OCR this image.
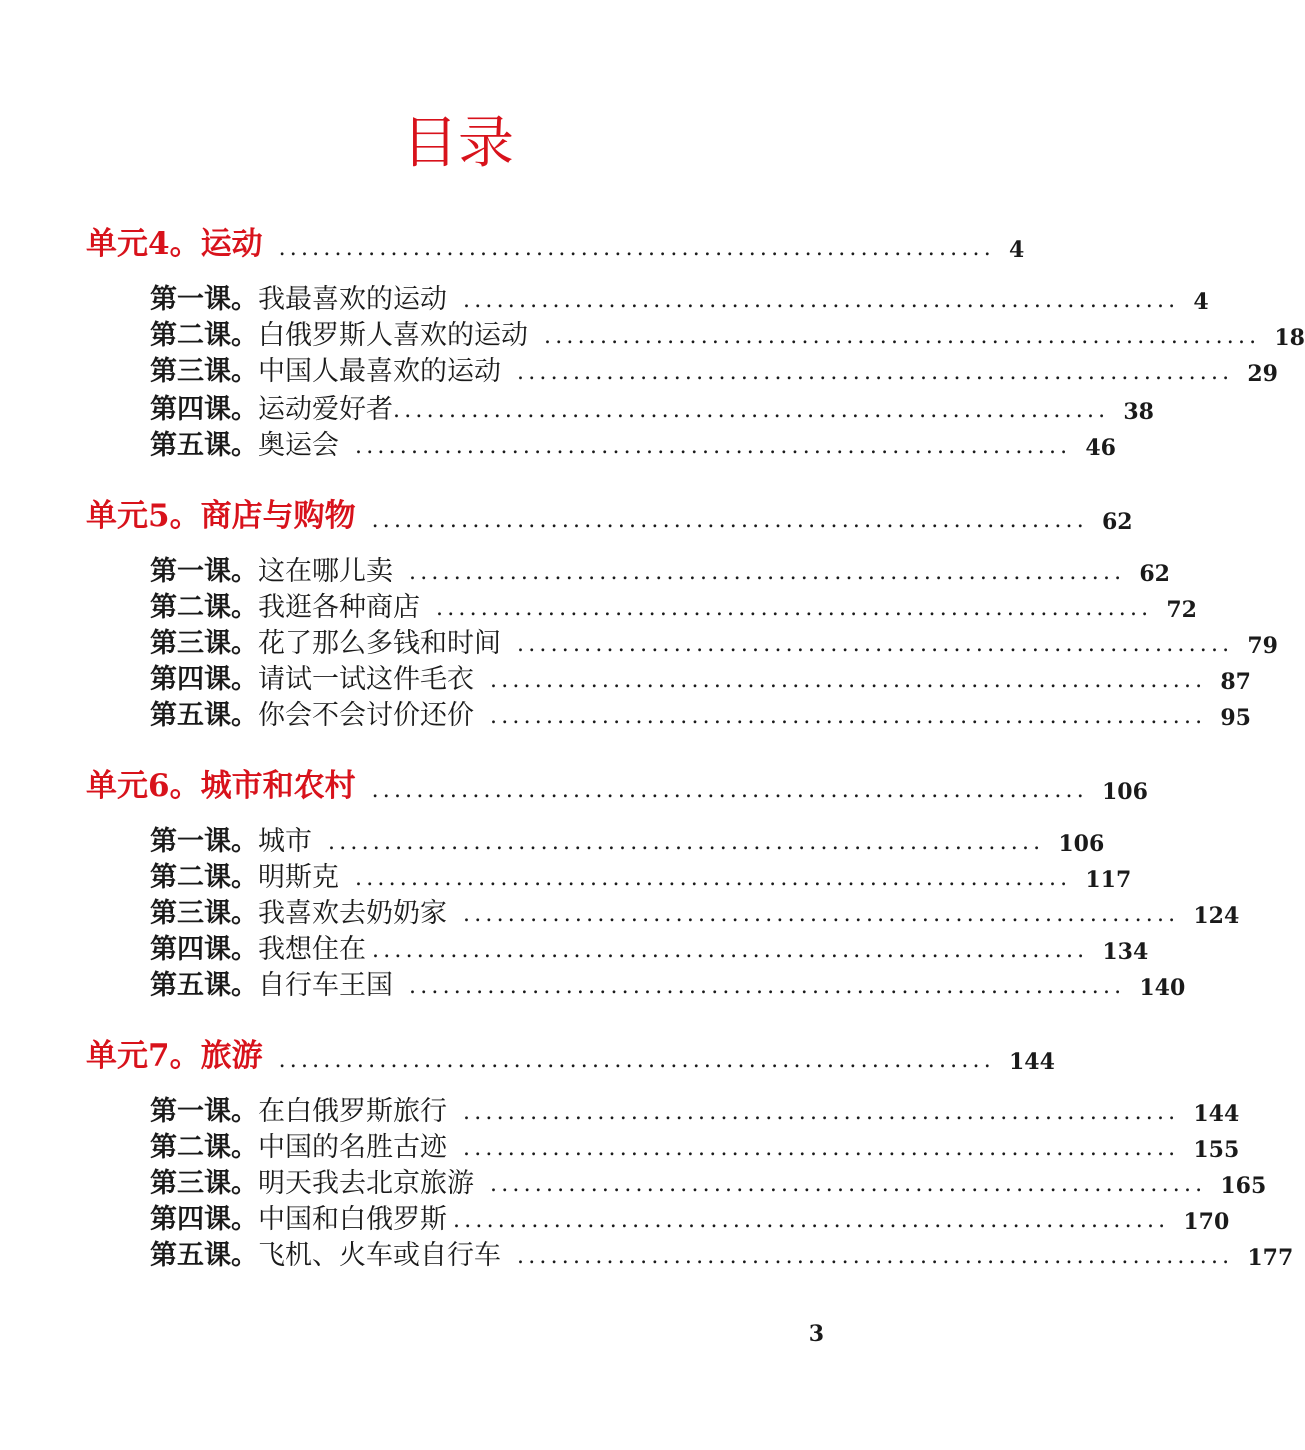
目录
单元4。运动 ................................................................ 4
第一课。 我最喜欢的运动 ................................................................ 4
第二课。 白俄罗斯人喜欢的运动 ................................................................ 18
第三课。 中国人最喜欢的运动 ................................................................ 29
第四课。 运动爱好者 ................................................................ 38
第五课。 奥运会 ................................................................ 46
单元5。商店与购物 ................................................................ 62
第一课。 这在哪儿卖 ................................................................ 62
第二课。 我逛各种商店 ................................................................ 72
第三课。 花了那么多钱和时间 ................................................................ 79
第四课。 请试一试这件毛衣 ................................................................ 87
第五课。 你会不会讨价还价 ................................................................ 95
单元6。城市和农村 ................................................................ 106
第一课。 城市 ................................................................ 106
第二课。 明斯克 ................................................................ 117
第三课。 我喜欢去奶奶家 ................................................................ 124
第四课。 我想住在 ................................................................ 134
第五课。 自行车王国 ................................................................ 140
单元7。旅游 ................................................................ 144
第一课。 在白俄罗斯旅行 ................................................................ 144
第二课。 中国的名胜古迹 ................................................................ 155
第三课。 明天我去北京旅游 ................................................................ 165
第四课。 中国和白俄罗斯 ................................................................ 170
第五课。 飞机、火车或自行车 ................................................................ 177
3
